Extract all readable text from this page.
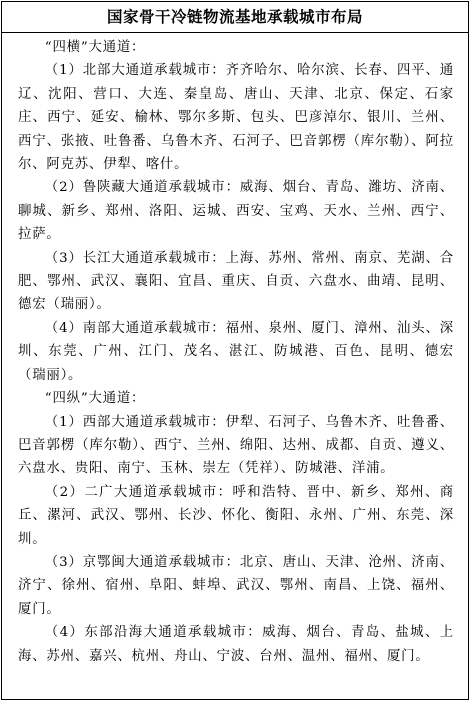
国家骨干冷链物流基地承载城市布局

“四横”大通道：

（1）北部大通道承载城市：齐齐哈尔、哈尔滨、长春、四平、通辽、沈阳、营口、大连、秦皇岛、唐山、天津、北京、保定、石家庄、西宁、延安、榆林、鄂尔多斯、包头、巴彦淖尔、银川、兰州、西宁、张掖、吐鲁番、乌鲁木齐、石河子、巴音郭楞（库尔勒）、阿拉尔、阿克苏、伊犁、喀什。

（2）鲁陕藏大通道承载城市：威海、烟台、青岛、潍坊、济南、聊城、新乡、郑州、洛阳、运城、西安、宝鸡、天水、兰州、西宁、拉萨。

（3）长江大通道承载城市：上海、苏州、常州、南京、芜湖、合肥、鄂州、武汉、襄阳、宜昌、重庆、自贡、六盘水、曲靖、昆明、德宏（瑞丽）。

（4）南部大通道承载城市：福州、泉州、厦门、漳州、汕头、深圳、东莞、广州、江门、茂名、湛江、防城港、百色、昆明、德宏（瑞丽）。

“四纵”大通道：

（1）西部大通道承载城市：伊犁、石河子、乌鲁木齐、吐鲁番、巴音郭楞（库尔勒）、西宁、兰州、绵阳、达州、成都、自贡、遵义、六盘水、贵阳、南宁、玉林、崇左（凭祥）、防城港、洋浦。

（2）二广大通道承载城市：呼和浩特、晋中、新乡、郑州、商丘、漯河、武汉、鄂州、长沙、怀化、衡阳、永州、广州、东莞、深圳。

（3）京鄂闽大通道承载城市：北京、唐山、天津、沧州、济南、济宁、徐州、宿州、阜阳、蚌埠、武汉、鄂州、南昌、上饶、福州、厦门。

（4）东部沿海大通道承载城市：威海、烟台、青岛、盐城、上海、苏州、嘉兴、杭州、舟山、宁波、台州、温州、福州、厦门。
